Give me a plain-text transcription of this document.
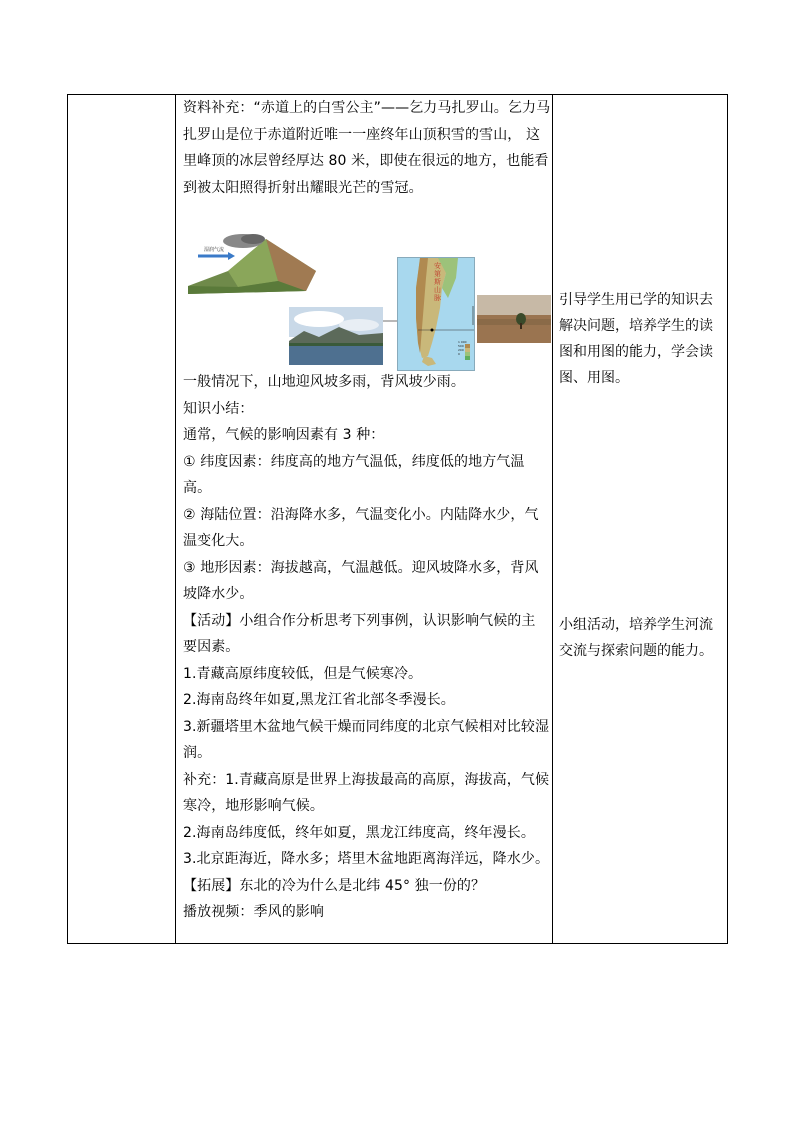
资料补充：“赤道上的白雪公主”——乞力马扎罗山。乞力马
扎罗山是位于赤道附近唯一一座终年山顶积雪的雪山， 这
里峰顶的冰层曾经厚达 80 米，即使在很远的地方，也能看
到被太阳照得折射出耀眼光芒的雪冠。
湿润气流
安第斯山脉
1 000
500
200
0
一般情况下，山地迎风坡多雨，背风坡少雨。
知识小结：
通常，气候的影响因素有 3 种：
① 纬度因素：纬度高的地方气温低，纬度低的地方气温
高。
② 海陆位置：沿海降水多，气温变化小。内陆降水少，气
温变化大。
③ 地形因素：海拔越高，气温越低。迎风坡降水多，背风
坡降水少。
【活动】小组合作分析思考下列事例，认识影响气候的主
要因素。
1.青藏高原纬度较低，但是气候寒冷。
2.海南岛终年如夏,黑龙江省北部冬季漫长。
3.新疆塔里木盆地气候干燥而同纬度的北京气候相对比较湿
润。
补充：1.青藏高原是世界上海拔最高的高原，海拔高，气候
寒冷，地形影响气候。
2.海南岛纬度低，终年如夏，黑龙江纬度高，终年漫长。
3.北京距海近，降水多；塔里木盆地距离海洋远，降水少。
【拓展】东北的冷为什么是北纬 45° 独一份的？
播放视频：季风的影响
引导学生用已学的知识去
解决问题，培养学生的读
图和用图的能力，学会读
图、用图。
小组活动，培养学生河流
交流与探索问题的能力。
